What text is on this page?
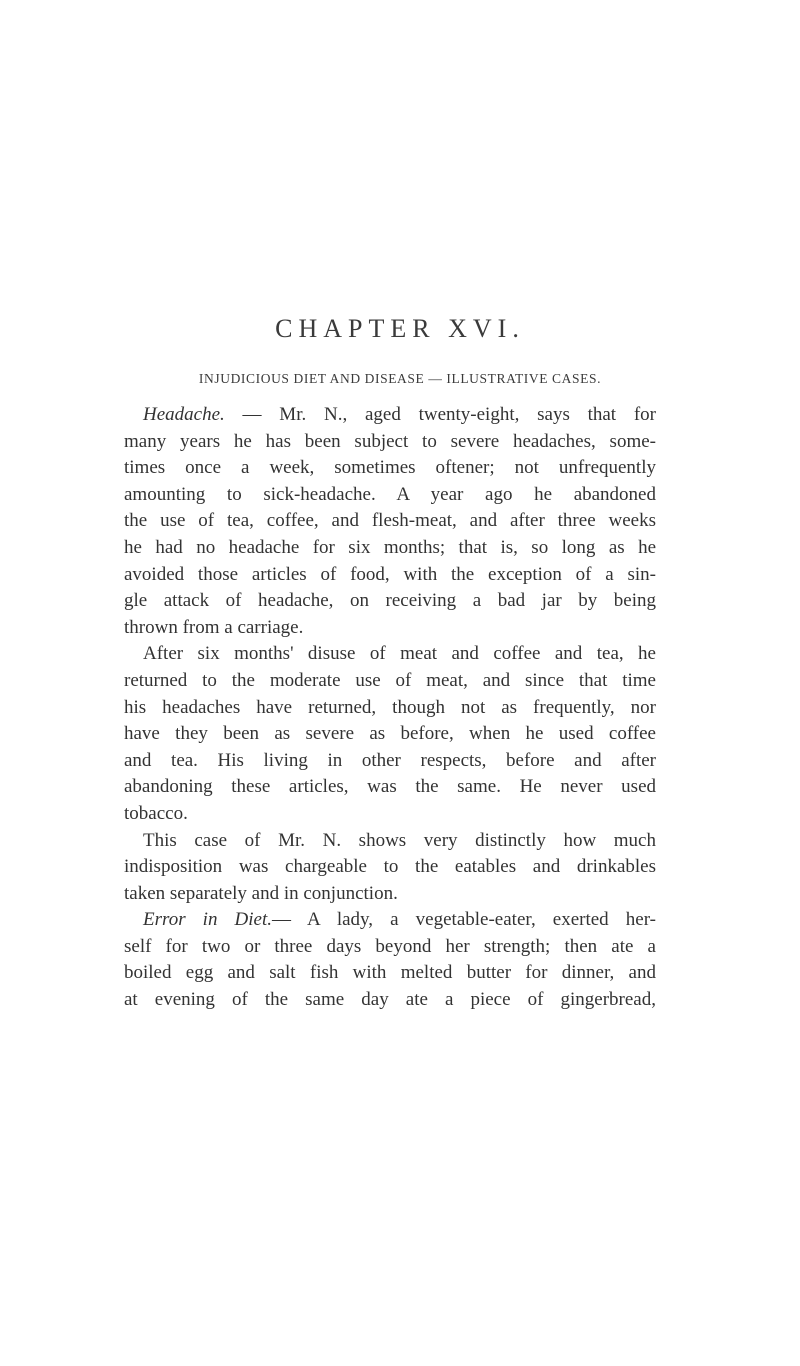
CHAPTER XVI.
INJUDICIOUS DIET AND DISEASE — ILLUSTRATIVE CASES.
Headache. — Mr. N., aged twenty-eight, says that for
many years he has been subject to severe headaches, some-
times once a week, sometimes oftener; not unfrequently
amounting to sick-headache. A year ago he abandoned
the use of tea, coffee, and flesh-meat, and after three weeks
he had no headache for six months; that is, so long as he
avoided those articles of food, with the exception of a sin-
gle attack of headache, on receiving a bad jar by being
thrown from a carriage.
After six months' disuse of meat and coffee and tea, he
returned to the moderate use of meat, and since that time
his headaches have returned, though not as frequently, nor
have they been as severe as before, when he used coffee
and tea. His living in other respects, before and after
abandoning these articles, was the same. He never used
tobacco.
This case of Mr. N. shows very distinctly how much
indisposition was chargeable to the eatables and drinkables
taken separately and in conjunction.
Error in Diet.— A lady, a vegetable-eater, exerted her-
self for two or three days beyond her strength; then ate a
boiled egg and salt fish with melted butter for dinner, and
at evening of the same day ate a piece of gingerbread,
